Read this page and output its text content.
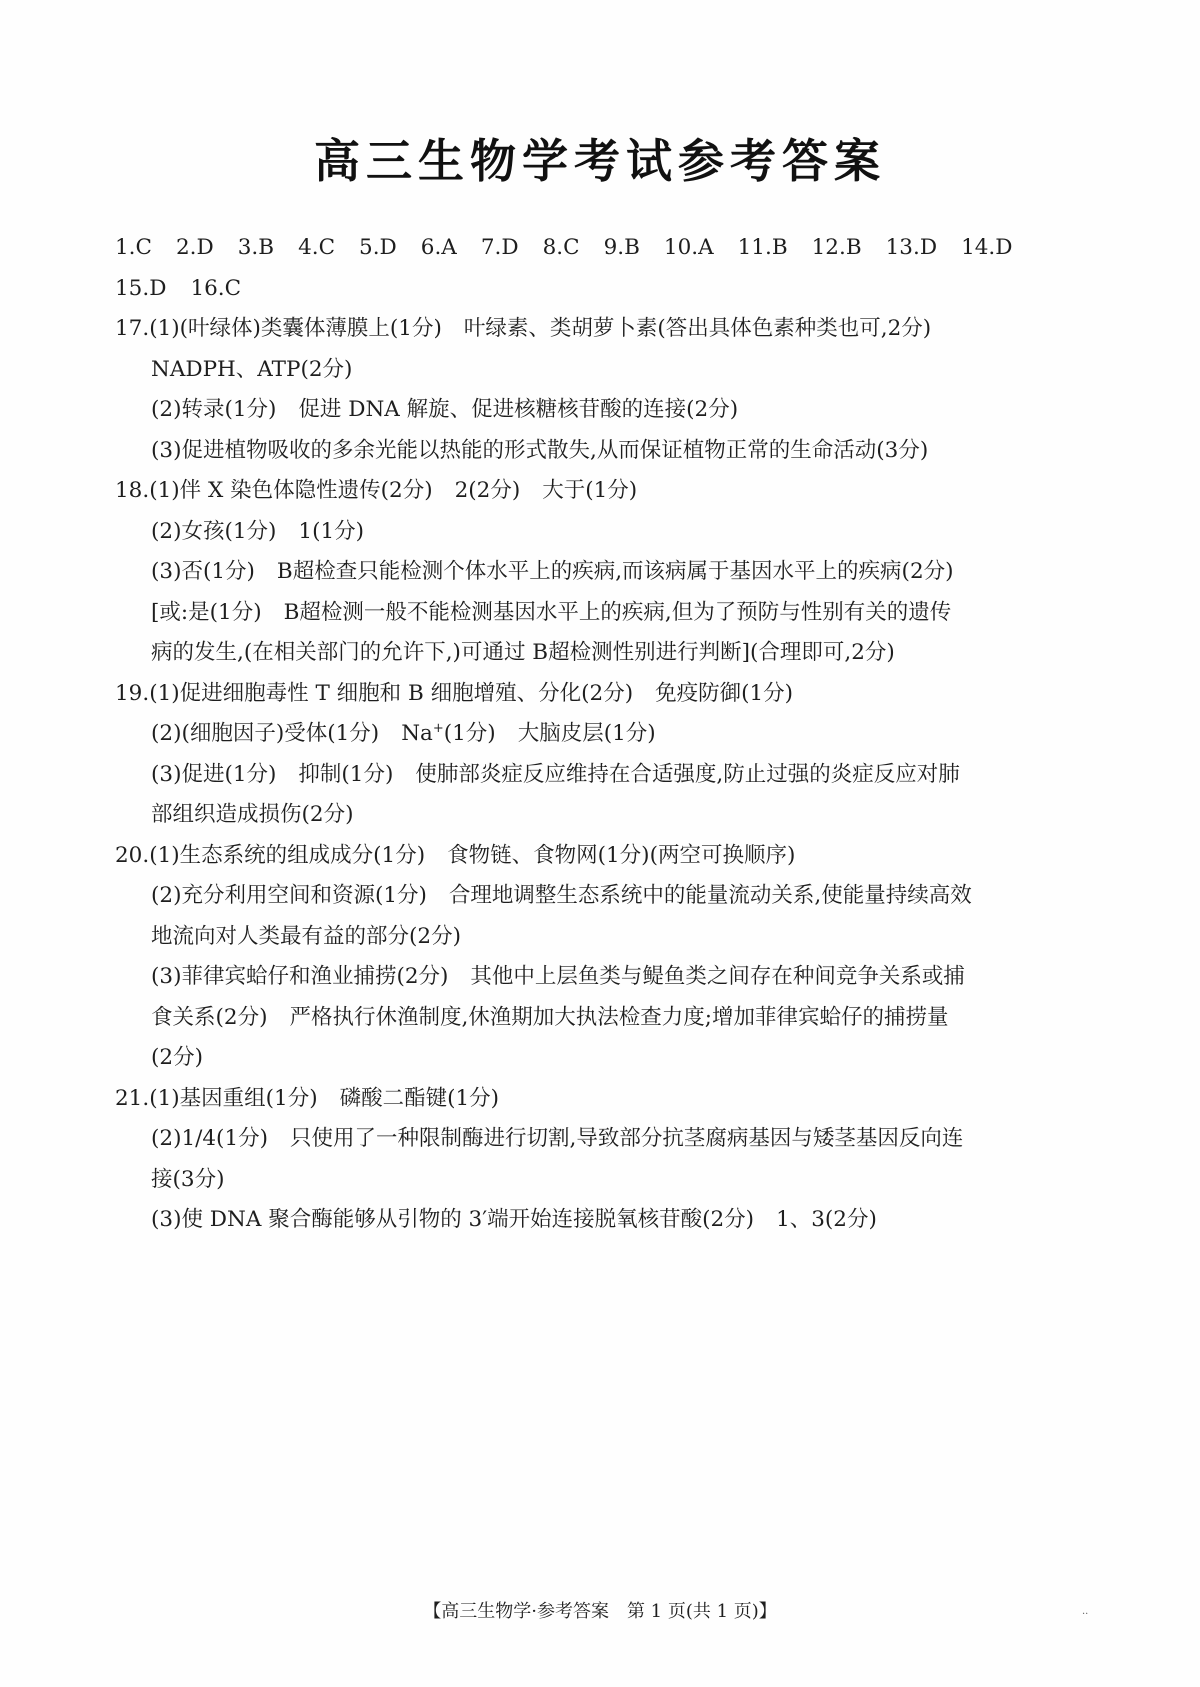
高三生物学考试参考答案
1.C 2.D 3.B 4.C 5.D 6.A 7.D 8.C 9.B 10.A 11.B 12.B 13.D 14.D
15.D 16.C
17.(1)(叶绿体)类囊体薄膜上(1分) 叶绿素、类胡萝卜素(答出具体色素种类也可,2分)
NADPH、ATP(2分)
(2)转录(1分) 促进 DNA 解旋、促进核糖核苷酸的连接(2分)
(3)促进植物吸收的多余光能以热能的形式散失,从而保证植物正常的生命活动(3分)
18.(1)伴 X 染色体隐性遗传(2分) 2(2分) 大于(1分)
(2)女孩(1分) 1(1分)
(3)否(1分) B超检查只能检测个体水平上的疾病,而该病属于基因水平上的疾病(2分)
[或:是(1分) B超检测一般不能检测基因水平上的疾病,但为了预防与性别有关的遗传
病的发生,(在相关部门的允许下,)可通过 B超检测性别进行判断](合理即可,2分)
19.(1)促进细胞毒性 T 细胞和 B 细胞增殖、分化(2分) 免疫防御(1分)
(2)(细胞因子)受体(1分) Na+(1分) 大脑皮层(1分)
(3)促进(1分) 抑制(1分) 使肺部炎症反应维持在合适强度,防止过强的炎症反应对肺
部组织造成损伤(2分)
20.(1)生态系统的组成成分(1分) 食物链、食物网(1分)(两空可换顺序)
(2)充分利用空间和资源(1分) 合理地调整生态系统中的能量流动关系,使能量持续高效
地流向对人类最有益的部分(2分)
(3)菲律宾蛤仔和渔业捕捞(2分) 其他中上层鱼类与鳀鱼类之间存在种间竞争关系或捕
食关系(2分) 严格执行休渔制度,休渔期加大执法检查力度;增加菲律宾蛤仔的捕捞量
(2分)
21.(1)基因重组(1分) 磷酸二酯键(1分)
(2)1/4(1分) 只使用了一种限制酶进行切割,导致部分抗茎腐病基因与矮茎基因反向连
接(3分)
(3)使 DNA 聚合酶能够从引物的 3′端开始连接脱氧核苷酸(2分) 1、3(2分)
【高三生物学·参考答案　第 1 页(共 1 页)】	··
